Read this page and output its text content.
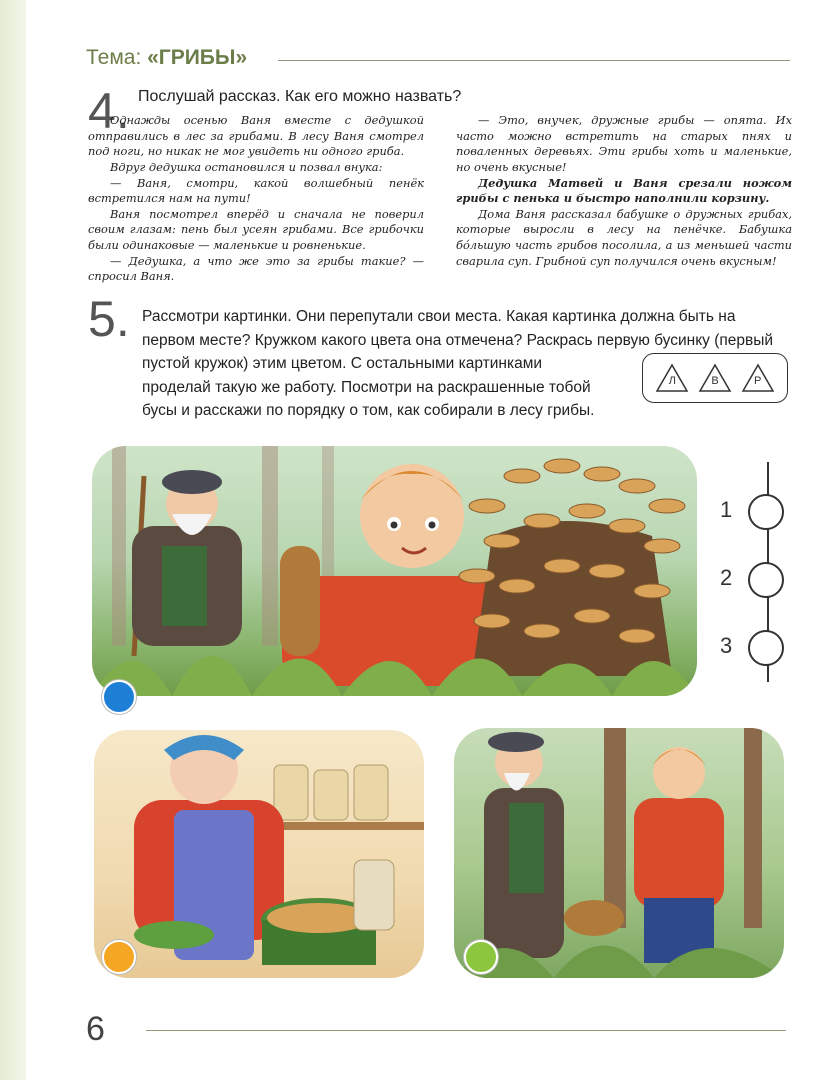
Тема: «ГРИБЫ»
4 .	Послушай рассказ. Как его можно назвать?

Однажды осенью Ваня вместе с дедушкой отправились в лес за грибами. В лесу Ваня смотрел под ноги, но никак не мог увидеть ни одного гриба.

Вдруг дедушка остановился и позвал внука:

— Ваня, смотри, какой волшебный пенёк встретился нам на пути!

Ваня посмотрел вперёд и сначала не поверил своим глазам: пень был усеян грибами. Все грибочки были одинаковые — маленькие и ровненькие.

— Дедушка, а что же это за грибы такие? — спросил Ваня.

— Это, внучек, дружные грибы — опята. Их часто можно встретить на старых пнях и поваленных деревьях. Эти грибы хоть и маленькие, но очень вкусные!

Дедушка Матвей и Ваня срезали ножом грибы с пенька и быстро наполнили корзину.

Дома Ваня рассказал бабушке о дружных грибах, которые выросли в лесу на пенёчке. Бабушка бóльшую часть грибов посолила, а из меньшей части сварила суп. Грибной суп получился очень вкусным!

5 .	Рассмотри картинки. Они перепутали свои места. Какая картинка должна быть на
первом месте? Кружком какого цвета она отмечена? Раскрась первую бусинку (первый
пустой кружок) этим цветом. С остальными картинками проделай такую же работу. Посмотри на раскрашенные тобой бусы и расскажи по порядку о том, как собирали в лесу грибы.
Л	В	Р
1
2
3
6
